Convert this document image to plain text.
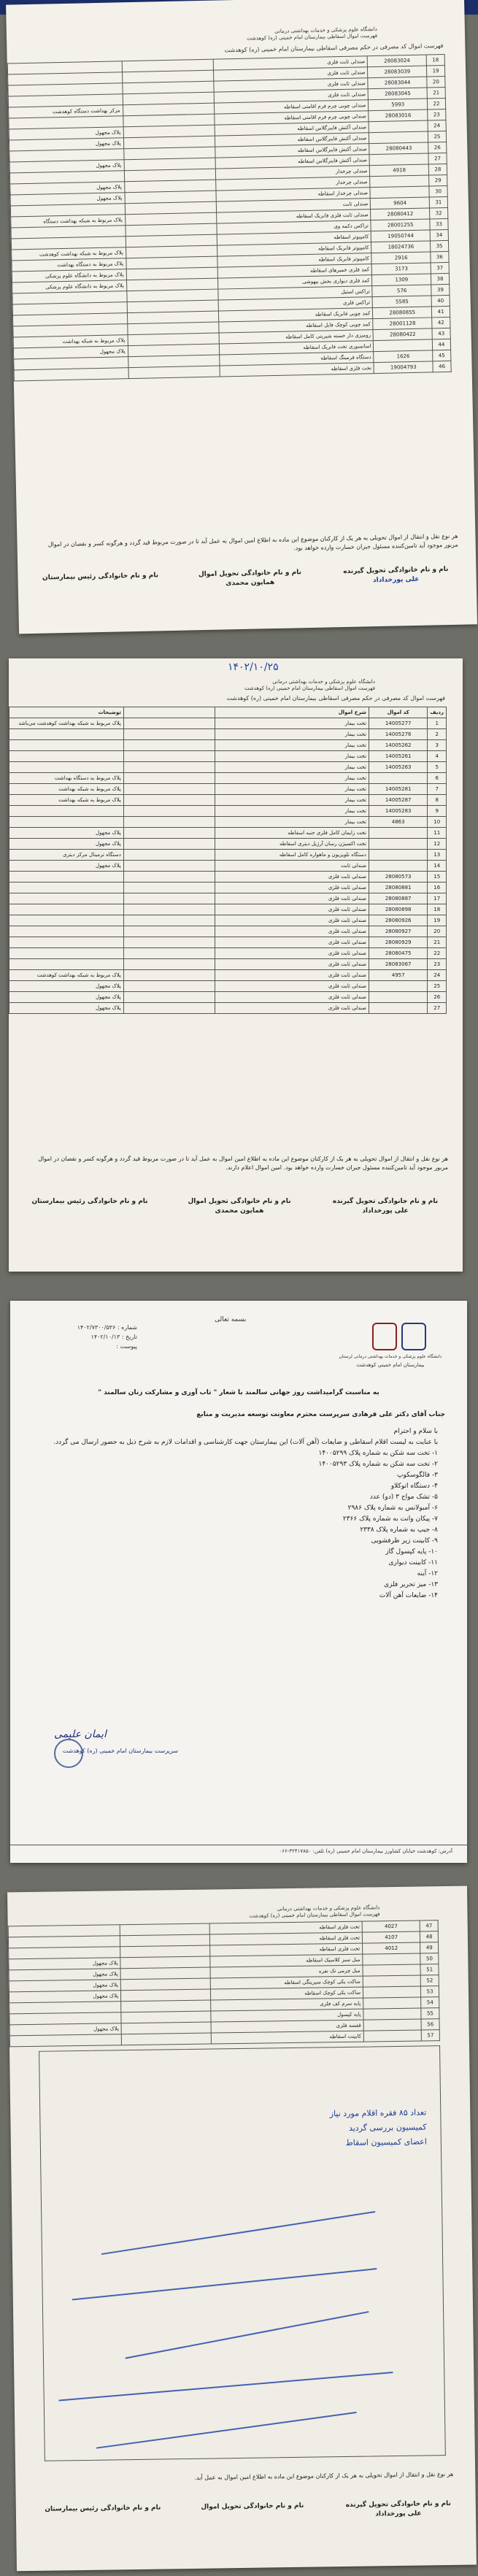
دانشگاه علوم پزشکی و خدمات بهداشتی درمانی
فهرست اموال اسقاطی بیمارستان امام خمینی (ره) کوهدشت
فهرست اموال کد مصرفی در حکم مصرفی اسقاطی بیمارستان امام خمینی (ره) کوهدشت
		صندلی ثابت فلزی	28083024	18
		صندلی ثابت فلزی	28083039	19
		صندلی ثابت فلزی	28083044	20
		صندلی ثابت فلزی	28083045	21
مرکز بهداشت دستگاه کوهدشت		صندلی چوبی چرم فرم اقامتی اسقاطه	5993	22
		صندلی چوبی چرم فرم اقامتی اسقاطه	28083016	23
پلاک مجهول		صندلی آکنش فایبرگلاس اسقاطه		24
پلاک مجهول		صندلی آکنش فایبرگلاس اسقاطه		25
		صندلی آکنش فایبرگلاس اسقاطه	28080443	26
پلاک مجهول		صندلی آکنش فایبرگلاس اسقاطه		27
		صندلی چرخدار	4918	28
پلاک مجهول		صندلی چرخدار		29
پلاک مجهول		صندلی چرخدار اسقاطه		30
		صندلی ثابت	9604	31
پلاک مربوط به شبکه بهداشت دستگاه		صندلی ثابت فلزی فابریک اسقاطه	28080412	32
		تراکس دکمه وی	28001255	33
		کامپیوتر اسقاطه	19050744	34
پلاک مربوط به شبکه بهداشت کوهدشت		کامپیوتر فابریک اسقاطه	18024736	35
پلاک مربوط به دستگاه بهداشت		کامپیوتر فابریک اسقاطه	2916	36
پلاک مربوط به دانشگاه علوم پزشکی		کمد فلزی خمیرهای اسقاطه	3173	37
پلاک مربوط به دانشگاه علوم پزشکی		کمد فلزی دیواری بخش بیهوشی	1309	38
		تراکس استیل	576	39
		تراکس فلزی	5585	40
		کمد چوبی فابریک اسقاطه	28080855	41
		کمد چوبی کوچک فایل اسقاطه	28001128	42
پلاک مربوط به شبکه بهداشت		رومیزی دار خسته شیرینی کامل اسقاطه	28080422	43
پلاک مجهول		اسانسوری تخت فابریک اسقاطه		44
		دستگاه فرمینگ اسقاطه	1626	45
		تخت فلزی اسقاطه	19004793	46
هر نوع نقل و انتقال از اموال تحویلی به هر یک از کارکنان موضوع این ماده به اطلاع امین اموال به عمل آید تا در صورت مربوط قید گردد و هرگونه کسر و نقصان در اموال مربور موجود آید تامین‌کننده مسئول جبران خسارت وارده خواهد بود.
نام و نام خانوادگی تحویل گیرنده
علی پورخداداد
نام و نام خانوادگی تحویل اموال
همایون محمدی
نام و نام خانوادگی رئیس بیمارستان
۱۴۰۲/۱۰/۲۵
دانشگاه علوم پزشکی و خدمات بهداشتی درمانی
فهرست اموال اسقاطی بیمارستان امام خمینی (ره) کوهدشت
فهرست اموال کد مصرفی در حکم مصرفی اسقاطی بیمارستان امام خمینی (ره) کوهدشت
توضیحات		شرح اموال	کد اموال	ردیف
پلاک مربوط به شبکه بهداشت کوهدشت می‌باشد		تخت بیمار	14005277	1
		تخت بیمار	14005276	2
		تخت بیمار	14005262	3
		تخت بیمار	14005261	4
		تخت بیمار	14005263	5
پلاک مربوط به دستگاه بهداشت		تخت بیمار		6
پلاک مربوط به شبکه بهداشت		تخت بیمار	14005281	7
پلاک مربوط به شبکه بهداشت		تخت بیمار	14005287	8
		تخت بیمار	14005283	9
		تخت بیمار	4863	10
پلاک مجهول		تخت زایمان کامل فلزی جنبه اسقاطه		11
پلاک مجهول		تخت اکسیژن رسان آرژیل دیتری اسقاطه		12
دستگاه ترمینال مرکز دیتری		دستگاه تلویزیون و ماهواره کامل اسقاطه		13
پلاک مجهول		صندلی ثابت		14
		صندلی ثابت فلزی	28080573	15
		صندلی ثابت فلزی	28080881	16
		صندلی ثابت فلزی	28080887	17
		صندلی ثابت فلزی	28080898	18
		صندلی ثابت فلزی	28080926	19
		صندلی ثابت فلزی	28080927	20
		صندلی ثابت فلزی	28080929	21
		صندلی ثابت فلزی	28080475	22
		صندلی ثابت فلزی	28083067	23
پلاک مربوط به شبکه بهداشت کوهدشت		صندلی ثابت فلزی	4957	24
پلاک مجهول		صندلی ثابت فلزی		25
پلاک مجهول		صندلی ثابت فلزی		26
پلاک مجهول		صندلی ثابت فلزی		27
هر نوع نقل و انتقال از اموال تحویلی به هر یک از کارکنان موضوع این ماده به اطلاع امین اموال به عمل آید تا در صورت مربوط قید گردد و هرگونه کسر و نقصان در اموال مربور موجود آید تامین‌کننده مسئول جبران خسارت وارده خواهد بود. امین اموال اعلام دارند.
نام و نام خانوادگی تحویل گیرنده
علی پورخداداد
نام و نام خانوادگی تحویل اموال
همایون محمدی
نام و نام خانوادگی رئیس بیمارستان
دانشگاه علوم پزشکی و خدمات بهداشتی درمانی لرستان
بیمارستان امام خمینی کوهدشت
بسمه تعالی
شماره : ۱۴۰۲/۷۳۰۰/۵۳۶
تاریخ : ۱۴۰۲/۱۰/۱۳
پیوست :
به مناسبت گرامیداشت روز جهانی سالمند با شعار " تاب آوری و مشارکت زنان سالمند "
جناب آقای دکتر علی فرهادی سرپرست محترم معاونت توسعه مدیریت و منابع
با سلام و احترام
با عنایت به لیست اقلام اسقاطی و ضایعات (آهن آلات) این بیمارستان جهت کارشناسی و اقدامات لازم به شرح ذیل به حضور ارسال می گردد.
۱- تخت سه شکن به شماره پلاک ۱۴۰۰۵۲۹۹
۲- تخت سه شکن به شماره پلاک ۱۴۰۰۵۲۹۳
۳- فالگوسکوپ
۴- دستگاه اتوکلاو
۵- تشک مواج ۳ (دو) عدد
۶- آمبولانس به شماره پلاک ۲۹۸۶
۷- پیکان وانت به شماره پلاک ۲۳۶۶
۸- جیپ به شماره پلاک ۲۳۳۸
۹- کابینت زیر ظرفشویی
۱۰- پایه کپسول گاز
۱۱- کابینت دیواری
۱۲- آینه
۱۳- میز تحریر فلزی
۱۴- ضایعات آهن آلات
ایمان علیمی
سرپرست بیمارستان امام خمینی (ره) کوهدشت
آدرس: کوهدشت خیابان کشاورز بیمارستان امام خمینی (ره) تلفن: ۳۲۴۱۷۸۵۰-۰۶۶
دانشگاه علوم پزشکی و خدمات بهداشتی درمانی
فهرست اموال اسقاطی بیمارستان امام خمینی (ره) کوهدشت
		تخت فلزی اسقاطه	4027	47
		تخت فلزی اسقاطه	4107	48
		تخت فلزی اسقاطه	4012	49
پلاک مجهول		مبل سبز کلاسیک اسقاطه		50
پلاک مجهول		مبل چرمی تک نفره		51
پلاک مجهول		ساکت یکی کوچک سیرینگی اسقاطه		52
پلاک مجهول		ساکت یکی کوچک اسقاطه		53
		پایه سرم کف فلزی		54
		پایه کپسول		55
پلاک مجهول		قفسه فلزی		56
		کابینت اسقاطه		57
تعداد ۸۵ فقره اقلام مورد نیاز
کمیسیون بررسی گردید
اعضای کمیسیون اسقاط
هر نوع نقل و انتقال از اموال تحویلی به هر یک از کارکنان موضوع این ماده به اطلاع امین اموال به عمل آید.
نام و نام خانوادگی تحویل گیرنده
علی پورخداداد
نام و نام خانوادگی تحویل اموال
نام و نام خانوادگی رئیس بیمارستان
